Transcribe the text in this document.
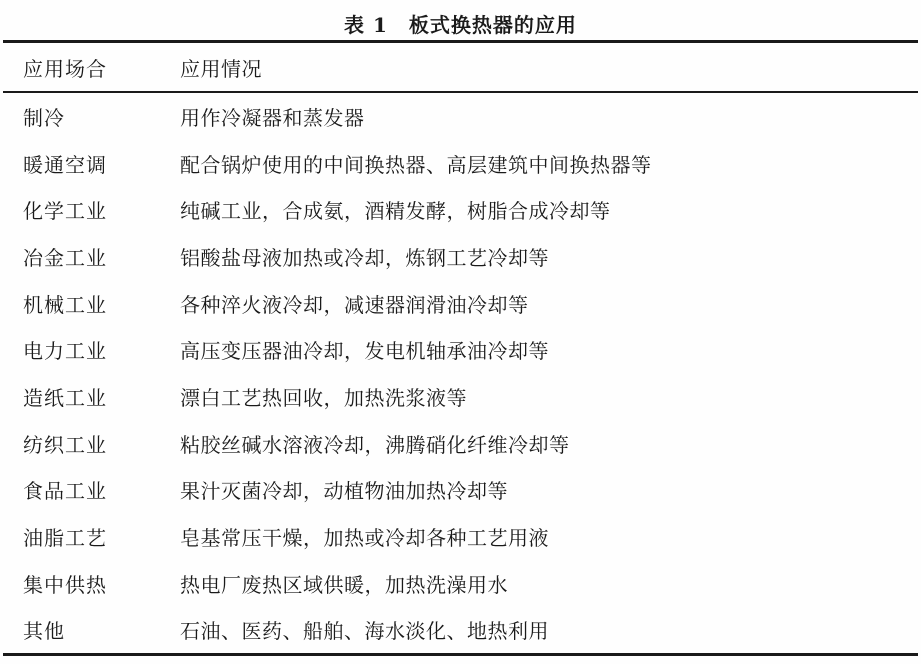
表 1　板式换热器的应用
应用场合	应用情况
制冷	用作冷凝器和蒸发器
暖通空调	配合锅炉使用的中间换热器、高层建筑中间换热器等
化学工业	纯碱工业，合成氨，酒精发酵，树脂合成冷却等
冶金工业	铝酸盐母液加热或冷却，炼钢工艺冷却等
机械工业	各种淬火液冷却，减速器润滑油冷却等
电力工业	高压变压器油冷却，发电机轴承油冷却等
造纸工业	漂白工艺热回收，加热洗浆液等
纺织工业	粘胶丝碱水溶液冷却，沸腾硝化纤维冷却等
食品工业	果汁灭菌冷却，动植物油加热冷却等
油脂工艺	皂基常压干燥，加热或冷却各种工艺用液
集中供热	热电厂废热区域供暖，加热洗澡用水
其他	石油、医药、船舶、海水淡化、地热利用
